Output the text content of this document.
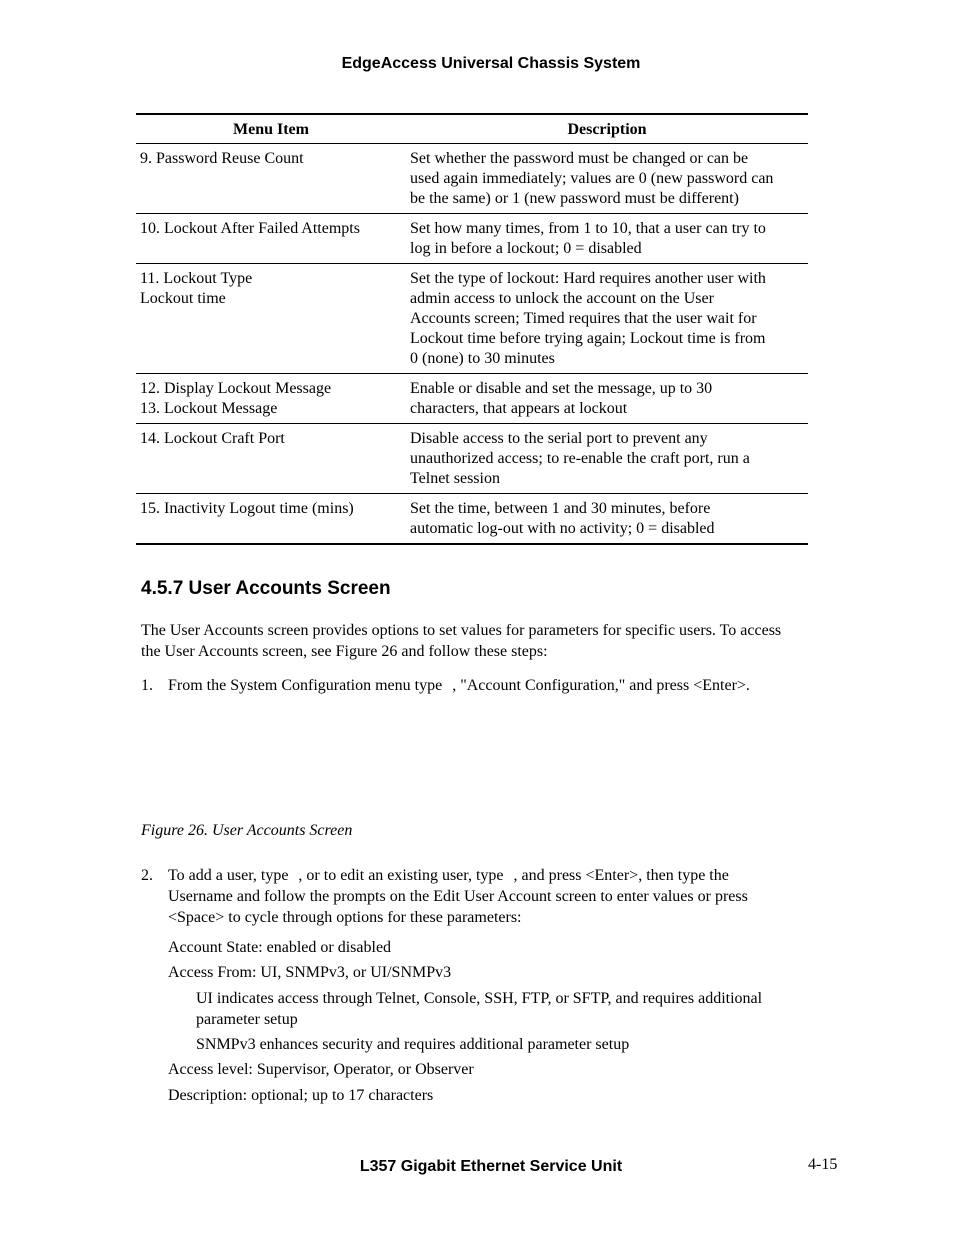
EdgeAccess Universal Chassis System
Menu Item	Description

9. Password Reuse Count	Set whether the password must be changed or can be
used again immediately; values are 0 (new password can
be the same) or 1 (new password must be different)

10. Lockout After Failed Attempts	Set how many times, from 1 to 10, that a user can try to
log in before a lockout; 0 = disabled

11. Lockout Type
Lockout time	Set the type of lockout: Hard requires another user with
admin access to unlock the account on the User
Accounts screen; Timed requires that the user wait for
Lockout time before trying again; Lockout time is from
0 (none) to 30 minutes

12. Display Lockout Message
13. Lockout Message	Enable or disable and set the message, up to 30
characters, that appears at lockout

14. Lockout Craft Port	Disable access to the serial port to prevent any
unauthorized access; to re-enable the craft port, run a
Telnet session

15. Inactivity Logout time (mins)	Set the time, between 1 and 30 minutes, before
automatic log-out with no activity; 0 = disabled
4.5.7 User Accounts Screen
The User Accounts screen provides options to set values for parameters for specific users. To access
the User Accounts screen, see Figure 26 and follow these steps:
1. From the System Configuration menu type , "Account Configuration," and press <Enter>.
Figure 26. User Accounts Screen
2. To add a user, type , or to edit an existing user, type , and press <Enter>, then type the
Username and follow the prompts on the Edit User Account screen to enter values or press
<Space> to cycle through options for these parameters:
Account State: enabled or disabled
Access From: UI, SNMPv3, or UI/SNMPv3
UI indicates access through Telnet, Console, SSH, FTP, or SFTP, and requires additional
parameter setup
SNMPv3 enhances security and requires additional parameter setup
Access level: Supervisor, Operator, or Observer
Description: optional; up to 17 characters
L357 Gigabit Ethernet Service Unit	4-15
